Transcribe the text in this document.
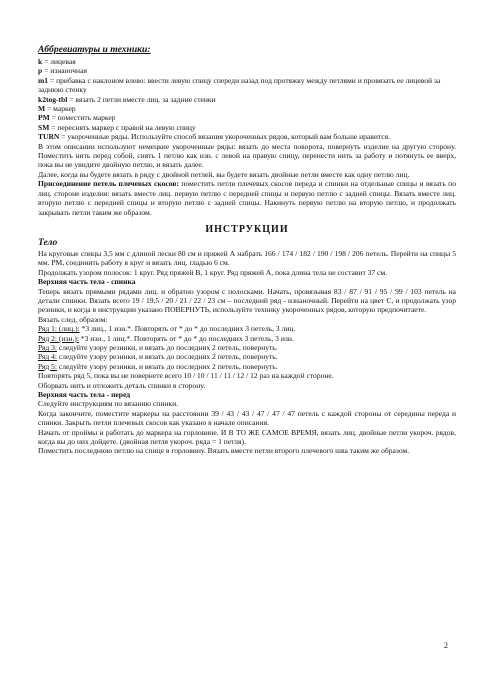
Аббревиатуры и техники:

k = лицевая

p = изнаночная

m1 = прибавка с наклоном влево: ввести левую спицу спереди назад под протяжку между петлями и провязать ее лицевой за заднюю стенку

k2tog-tbl = вязать 2 петли вместе лиц. за задние стенки

M = маркер

PM = поместить маркер

SM = переснять маркер с правой на левую спицу

TURN = укороченные ряды. Используйте способ вязания укороченных рядов, который вам больше нравится.

В этом описании используют немецкие укороченные ряды: вязать до места поворота, повернуть изделие на другую сторону. Поместить нить перед собой, снять 1 петлю как изн. с левой на правую спицу, перенести нить за работу и потянуть ее вверх, пока вы не увидите двойную петлю, и вязать далее.

Далее, когда вы будете вязать в ряду с двойной петлей, вы будете вязать двойные петли вместе как одну петлю лиц.

Присоединение петель плечевых скосов: поместить петли плечевых скосов переда и спинки на отдельные спицы и вязать по лиц. стороне изделия: вязать вместе лиц. первую петлю с передней спицы и первую петлю с задней спицы. Вязать вместе лиц. вторую петлю с передней спицы и вторую петлю с задней спицы. Накинуть первую петлю на вторую петлю, и продолжать закрывать петли таким же образом.

ИНСТРУКЦИИ
Тело

На круговые спицы 3,5 мм с длиной лески 80 см и пряжей А набрать 166 / 174 / 182 / 190 / 198 / 206 петель. Перейти на спицы 5 мм. PM, соединить работу в круг и вязать лиц. гладью 6 см.

Продолжать узором полосок: 1 круг. Ряд пряжей В, 1 круг. Ряд пряжей А, пока длина тела не составит 37 см.

Верхняя часть тела - спинка

Теперь вязать прямыми рядами лиц. и обратно узором с полосками. Начать, провязывая 83 / 87 / 91 / 95 / 99 / 103 петель на детали спинки. Вязать всего 19 / 19,5 / 20 / 21 / 22 / 23 см – последний ряд - изнаночный. Перейти на цвет С, и продолжать узор резинки, и когда в инструкции указано ПОВЕРНУТЬ, используйте технику укороченных рядов, которую предпочитаете.

Вязать след. образом:

Ряд 1: (лиц.): *3 лиц., 1 изн.*. Повторять от * до * до последних 3 петель, 3 лиц.

Ряд 2: (изн.): *3 изн., 1 лиц.*. Повторять от * до * до последних 3 петель, 3 изн.

Ряд 3: следуйте узору резинки, и вязать до последних 2 петель, повернуть.

Ряд 4: следуйте узору резинки, и вязать до последних 2 петель, повернуть.

Ряд 5: следуйте узору резинки, и вязать до последних 2 петель, повернуть.

Повторять ряд 5, пока вы не повернете всего 10 / 10 / 11 / 11 / 12 / 12 раз на каждой стороне.

Оборвать нить и отложить деталь спинки в сторону.

Верхняя часть тела - перед

Следуйте инструкциям по вязанию спинки.

Когда закончите, поместите маркеры на расстоянии 39 / 43 / 43 / 47 / 47 / 47 петель с каждой стороны от середины переда и спинки. Закрыть петли плечевых скосов как указано в начале описания.

Начать от проймы и работать до маркера на горловине. И В ТО ЖЕ САМОЕ ВРЕМЯ, вязать лиц. двойные петли укороч. рядов, когда вы до них дойдете. (двойная петля укороч. ряда = 1 петля).

Поместить последнюю петлю на спице в горловину. Вязать вместе петли второго плечевого шва таким же образом.

2
